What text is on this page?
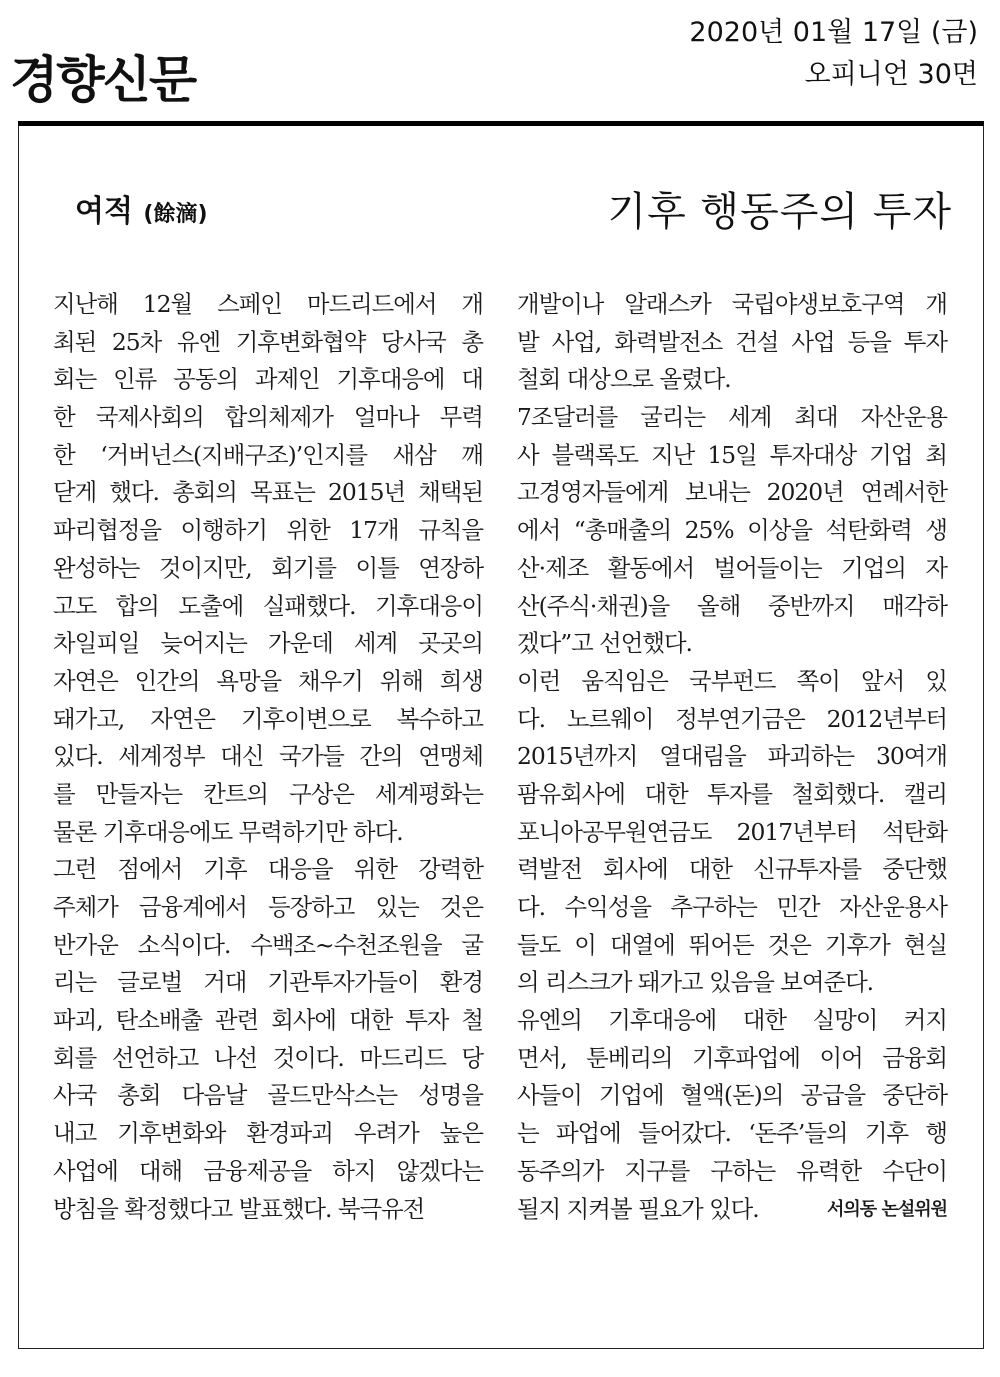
경향신문
2020년 01월 17일 (금)
오피니언 30면
여적 (餘滴)	기후 행동주의 투자
지난해 12월 스페인 마드리드에서 개
최된 25차 유엔 기후변화협약 당사국 총
회는 인류 공동의 과제인 기후대응에 대
한 국제사회의 합의체제가 얼마나 무력
한 ‘거버넌스(지배구조)’인지를 새삼 깨
닫게 했다. 총회의 목표는 2015년 채택된
파리협정을 이행하기 위한 17개 규칙을
완성하는 것이지만, 회기를 이틀 연장하
고도 합의 도출에 실패했다. 기후대응이
차일피일 늦어지는 가운데 세계 곳곳의
자연은 인간의 욕망을 채우기 위해 희생
돼가고, 자연은 기후이변으로 복수하고
있다. 세계정부 대신 국가들 간의 연맹체
를 만들자는 칸트의 구상은 세계평화는
물론 기후대응에도 무력하기만 하다.
그런 점에서 기후 대응을 위한 강력한
주체가 금융계에서 등장하고 있는 것은
반가운 소식이다. 수백조~수천조원을 굴
리는 글로벌 거대 기관투자가들이 환경
파괴, 탄소배출 관련 회사에 대한 투자 철
회를 선언하고 나선 것이다. 마드리드 당
사국 총회 다음날 골드만삭스는 성명을
내고 기후변화와 환경파괴 우려가 높은
사업에 대해 금융제공을 하지 않겠다는
방침을 확정했다고 발표했다. 북극유전
개발이나 알래스카 국립야생보호구역 개
발 사업, 화력발전소 건설 사업 등을 투자
철회 대상으로 올렸다.
7조달러를 굴리는 세계 최대 자산운용
사 블랙록도 지난 15일 투자대상 기업 최
고경영자들에게 보내는 2020년 연례서한
에서 “총매출의 25% 이상을 석탄화력 생
산·제조 활동에서 벌어들이는 기업의 자
산(주식·채권)을 올해 중반까지 매각하
겠다”고 선언했다.
이런 움직임은 국부펀드 쪽이 앞서 있
다. 노르웨이 정부연기금은 2012년부터
2015년까지 열대림을 파괴하는 30여개
팜유회사에 대한 투자를 철회했다. 캘리
포니아공무원연금도 2017년부터 석탄화
력발전 회사에 대한 신규투자를 중단했
다. 수익성을 추구하는 민간 자산운용사
들도 이 대열에 뛰어든 것은 기후가 현실
의 리스크가 돼가고 있음을 보여준다.
유엔의 기후대응에 대한 실망이 커지
면서, 툰베리의 기후파업에 이어 금융회
사들이 기업에 혈액(돈)의 공급을 중단하
는 파업에 들어갔다. ‘돈주’들의 기후 행
동주의가 지구를 구하는 유력한 수단이
될지 지켜볼 필요가 있다.	서의동 논설위원
